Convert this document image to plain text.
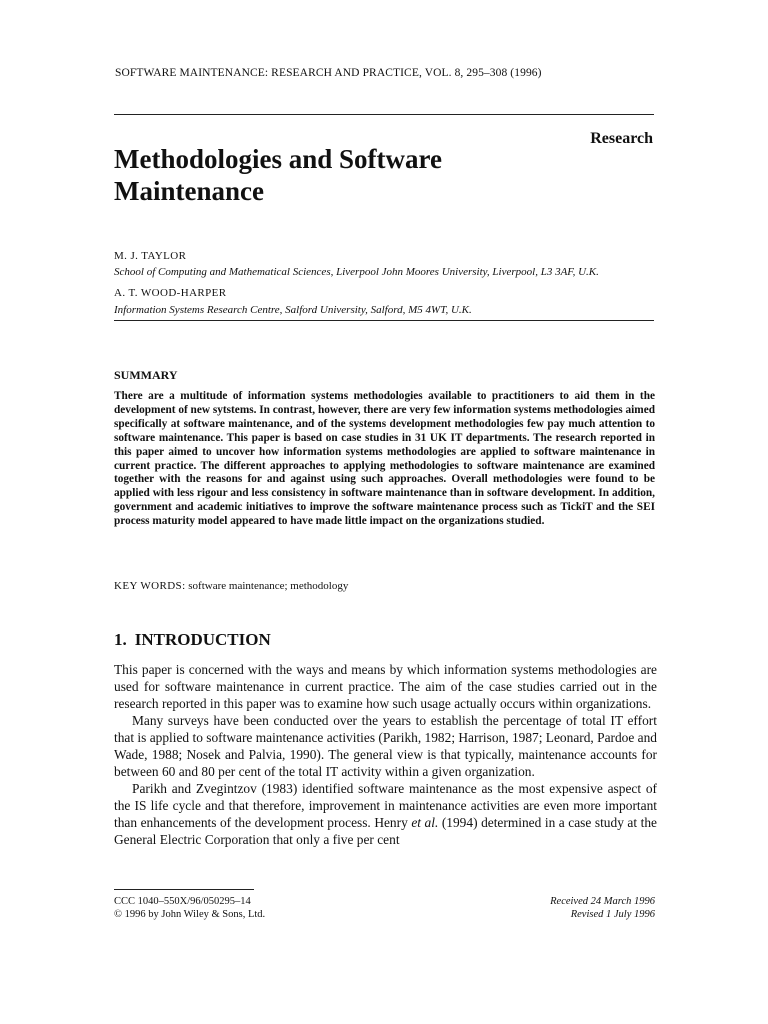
SOFTWARE MAINTENANCE: RESEARCH AND PRACTICE, VOL. 8, 295–308 (1996)
Research
Methodologies and Software Maintenance
M. J. TAYLOR
School of Computing and Mathematical Sciences, Liverpool John Moores University, Liverpool, L3 3AF, U.K.
A. T. WOOD-HARPER
Information Systems Research Centre, Salford University, Salford, M5 4WT, U.K.
SUMMARY
There are a multitude of information systems methodologies available to practitioners to aid them in the development of new sytstems. In contrast, however, there are very few information systems methodologies aimed specifically at software maintenance, and of the systems development methodologies few pay much attention to software maintenance. This paper is based on case studies in 31 UK IT departments. The research reported in this paper aimed to uncover how information systems methodologies are applied to software maintenance in current practice. The different approaches to applying methodologies to software maintenance are examined together with the reasons for and against using such approaches. Overall methodologies were found to be applied with less rigour and less consistency in software maintenance than in software development. In addition, government and academic initiatives to improve the software maintenance process such as TickiT and the SEI process maturity model appeared to have made little impact on the organizations studied.
KEY WORDS: software maintenance; methodology
1. INTRODUCTION

This paper is concerned with the ways and means by which information systems methodologies are used for software maintenance in current practice. The aim of the case studies carried out in the research reported in this paper was to examine how such usage actually occurs within organizations.

Many surveys have been conducted over the years to establish the percentage of total IT effort that is applied to software maintenance activities (Parikh, 1982; Harrison, 1987; Leonard, Pardoe and Wade, 1988; Nosek and Palvia, 1990). The general view is that typically, maintenance accounts for between 60 and 80 per cent of the total IT activity within a given organization.

Parikh and Zvegintzov (1983) identified software maintenance as the most expensive aspect of the IS life cycle and that therefore, improvement in maintenance activities are even more important than enhancements of the development process. Henry et al. (1994) determined in a case study at the General Electric Corporation that only a five per cent

CCC 1040–550X/96/050295–14
© 1996 by John Wiley & Sons, Ltd.
Received 24 March 1996
Revised 1 July 1996
